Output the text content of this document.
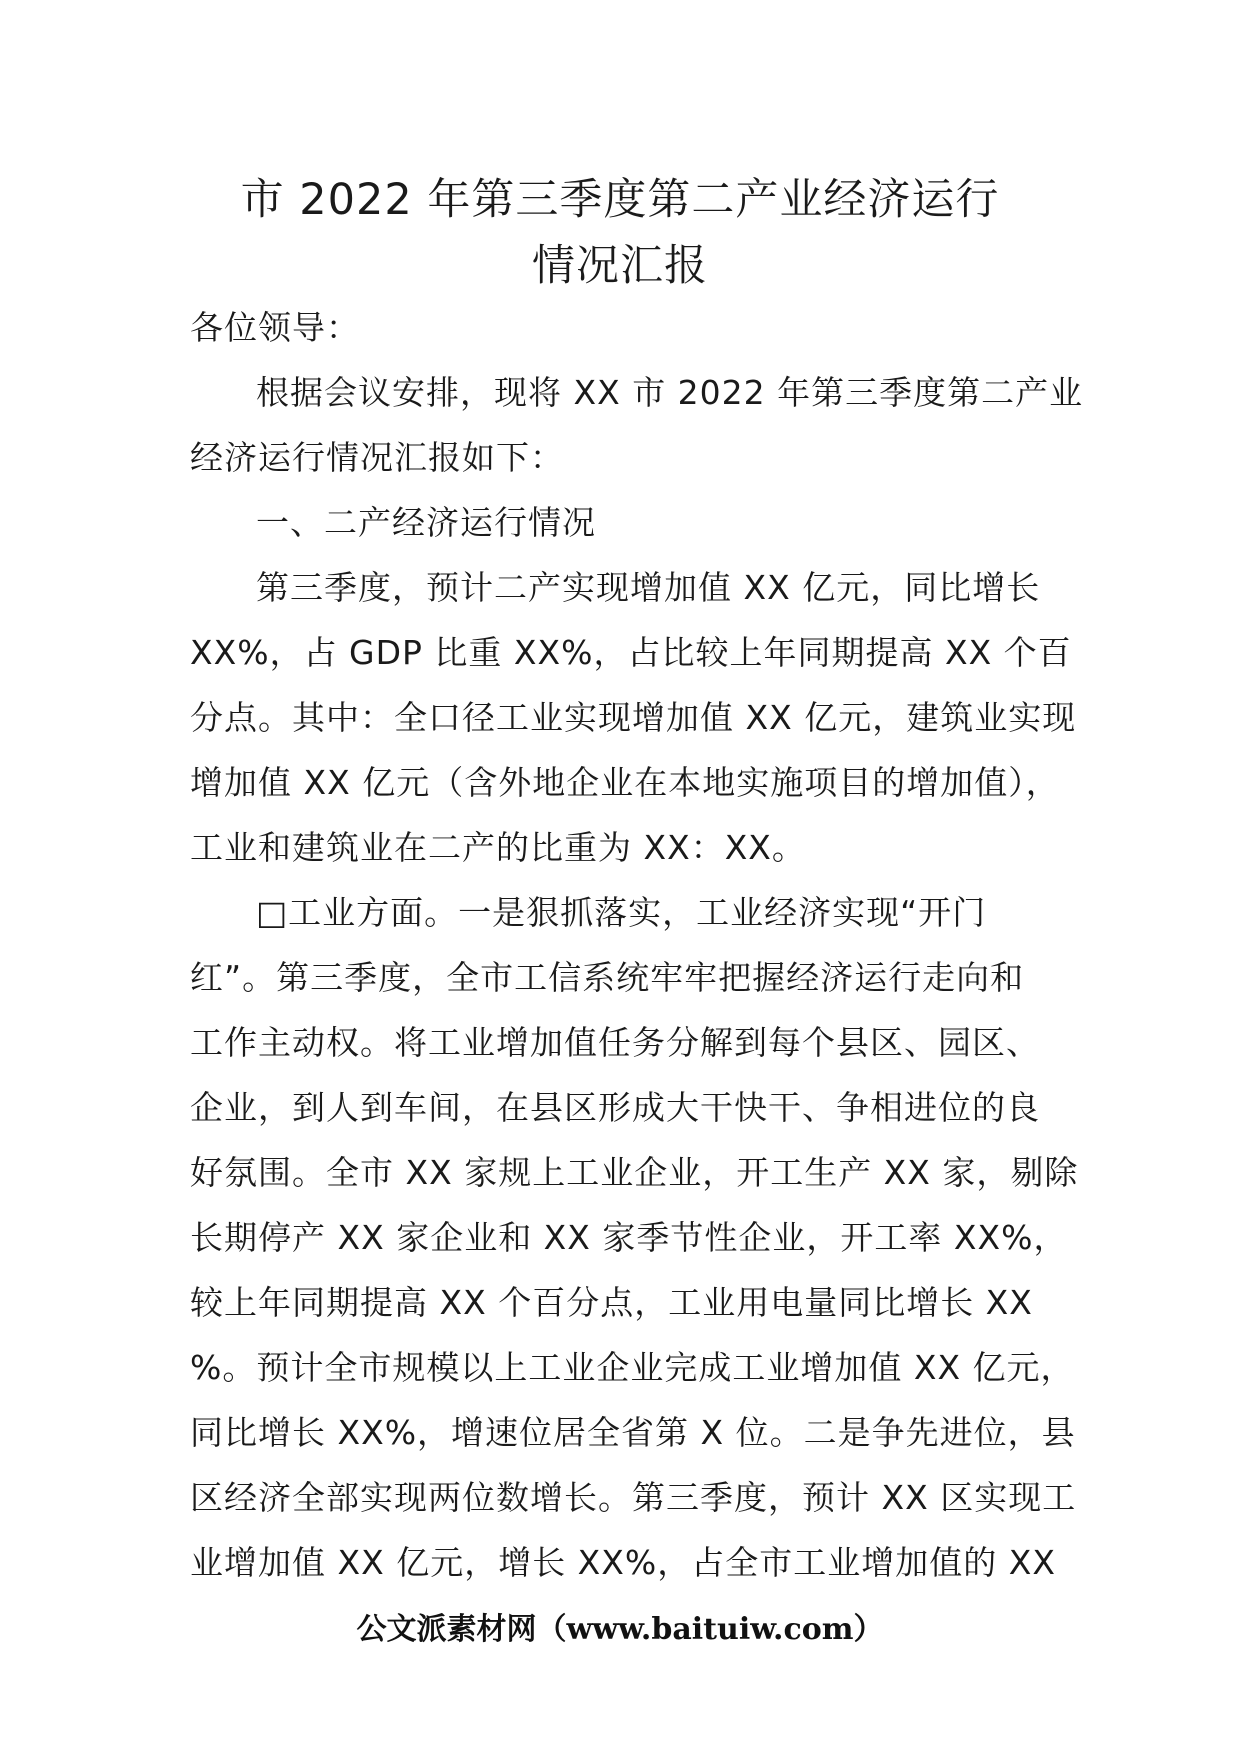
市 2022 年第三季度第二产业经济运行
情况汇报
各位领导：
根据会议安排，现将 XX 市 2022 年第三季度第二产业
经济运行情况汇报如下：
一、二产经济运行情况
第三季度，预计二产实现增加值 XX 亿元，同比增长
XX%，占 GDP 比重 XX%，占比较上年同期提高 XX 个百
分点。其中：全口径工业实现增加值 XX 亿元，建筑业实现
增加值 XX 亿元（含外地企业在本地实施项目的增加值），
工业和建筑业在二产的比重为 XX：XX。
□工业方面。一是狠抓落实，工业经济实现“开门
红”。第三季度，全市工信系统牢牢把握经济运行走向和
工作主动权。将工业增加值任务分解到每个县区、园区、
企业，到人到车间，在县区形成大干快干、争相进位的良
好氛围。全市 XX 家规上工业企业，开工生产 XX 家，剔除
长期停产 XX 家企业和 XX 家季节性企业，开工率 XX%，
较上年同期提高 XX 个百分点，工业用电量同比增长 XX
%。预计全市规模以上工业企业完成工业增加值 XX 亿元，
同比增长 XX%，增速位居全省第 X 位。二是争先进位，县
区经济全部实现两位数增长。第三季度，预计 XX 区实现工
业增加值 XX 亿元，增长 XX%，占全市工业增加值的 XX
公文派素材网（www.baituiw.com）
